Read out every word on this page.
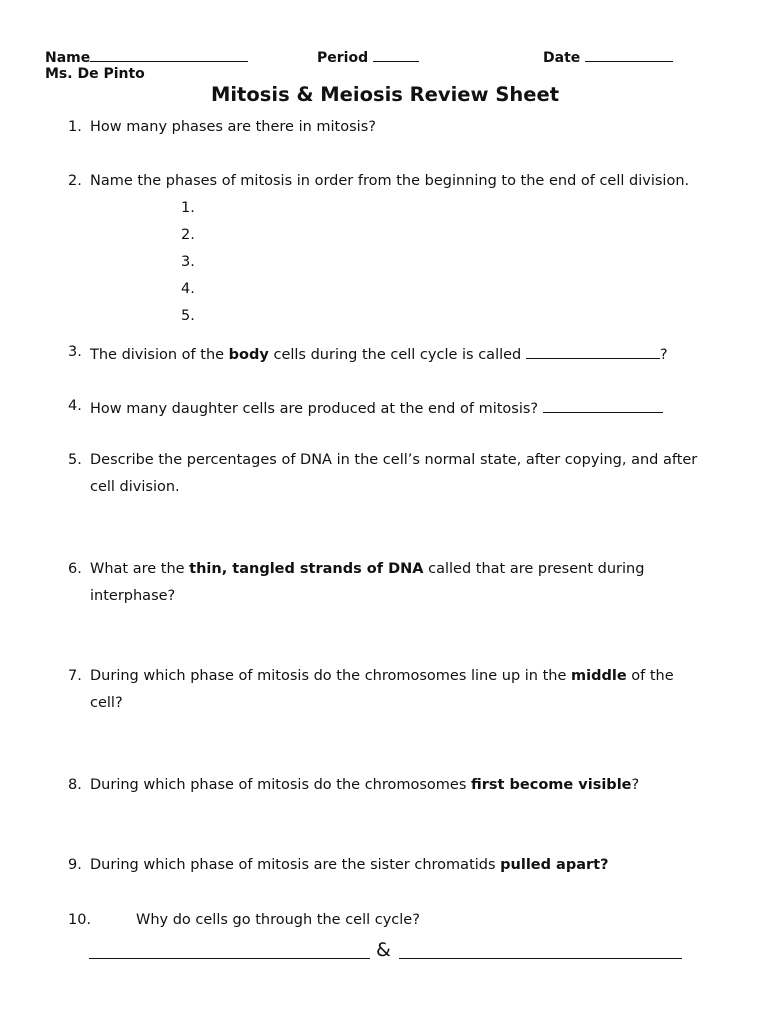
Name	Period	Date
Ms. De Pinto
Mitosis & Meiosis Review Sheet
1. How many phases are there in mitosis?
2. Name the phases of mitosis in order from the beginning to the end of cell division.
1.
2.
3.
4.
5.
3. The division of the body cells during the cell cycle is called	?
4. How many daughter cells are produced at the end of mitosis?
5. Describe the percentages of DNA in the cell’s normal state, after copying, and after
cell division.
6. What are the thin, tangled strands of DNA called that are present during
interphase?
7. During which phase of mitosis do the chromosomes line up in the middle of the
cell?
8. During which phase of mitosis do the chromosomes first become visible?
9. During which phase of mitosis are the sister chromatids pulled apart?
10.	Why do cells go through the cell cycle?
&
